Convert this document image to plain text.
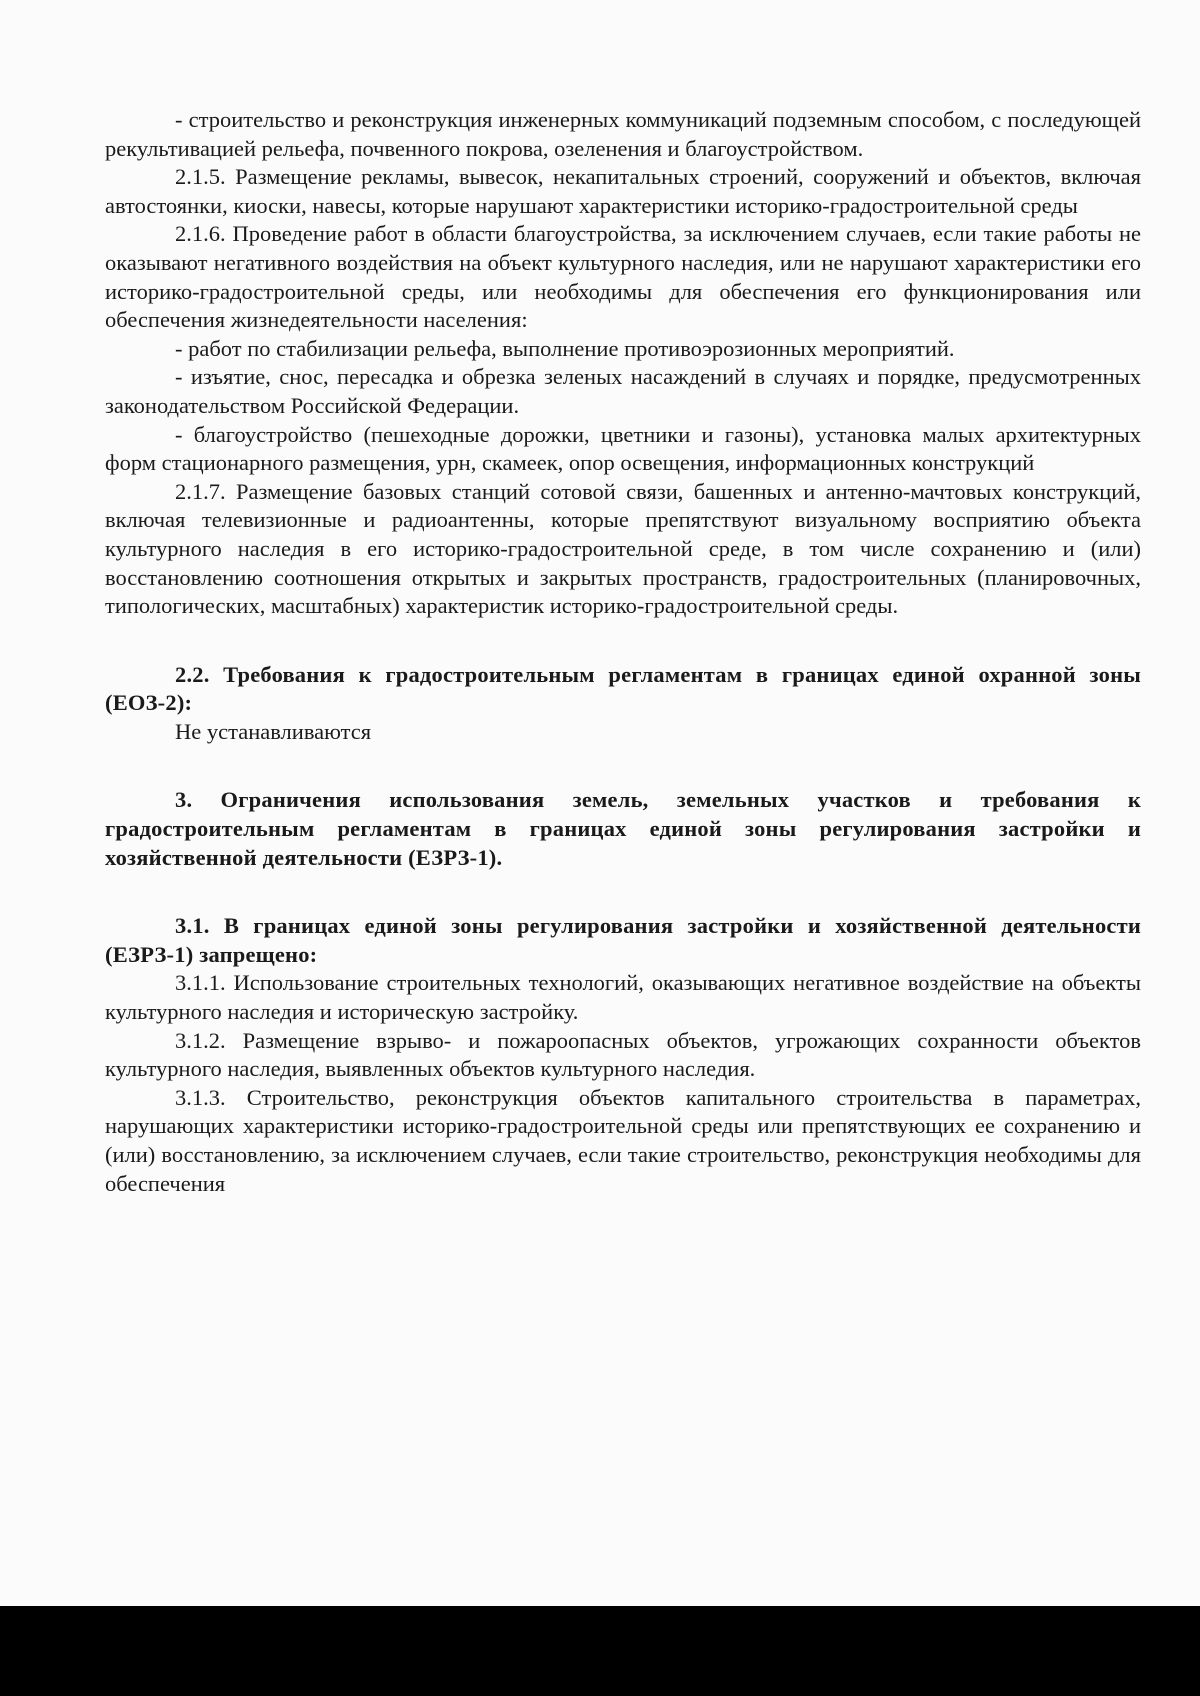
- строительство и реконструкция инженерных коммуникаций подземным способом, с последующей рекультивацией рельефа, почвенного покрова, озеленения и благоустройством.

2.1.5. Размещение рекламы, вывесок, некапитальных строений, сооружений и объектов, включая автостоянки, киоски, навесы, которые нарушают характеристики историко-градостроительной среды

2.1.6. Проведение работ в области благоустройства, за исключением случаев, если такие работы не оказывают негативного воздействия на объект культурного наследия, или не нарушают характеристики его историко-градостроительной среды, или необходимы для обеспечения его функционирования или обеспечения жизнедеятельности населения:

- работ по стабилизации рельефа, выполнение противоэрозионных мероприятий.

- изъятие, снос, пересадка и обрезка зеленых насаждений в случаях и порядке, предусмотренных законодательством Российской Федерации.

- благоустройство (пешеходные дорожки, цветники и газоны), установка малых архитектурных форм стационарного размещения, урн, скамеек, опор освещения, информационных конструкций

2.1.7. Размещение базовых станций сотовой связи, башенных и антенно-мачтовых конструкций, включая телевизионные и радиоантенны, которые препятствуют визуальному восприятию объекта культурного наследия в его историко-градостроительной среде, в том числе сохранению и (или) восстановлению соотношения открытых и закрытых пространств, градостроительных (планировочных, типологических, масштабных) характеристик историко-градостроительной среды.

2.2. Требования к градостроительным регламентам в границах единой охранной зоны (ЕОЗ-2):

Не устанавливаются

3. Ограничения использования земель, земельных участков и требования к градостроительным регламентам в границах единой зоны регулирования застройки и хозяйственной деятельности (ЕЗРЗ-1).

3.1. В границах единой зоны регулирования застройки и хозяйственной деятельности (ЕЗРЗ-1) запрещено:

3.1.1. Использование строительных технологий, оказывающих негативное воздействие на объекты культурного наследия и историческую застройку.

3.1.2. Размещение взрыво- и пожароопасных объектов, угрожающих сохранности объектов культурного наследия, выявленных объектов культурного наследия.

3.1.3. Строительство, реконструкция объектов капитального строительства в параметрах, нарушающих характеристики историко-градостроительной среды или препятствующих ее сохранению и (или) восстановлению, за исключением случаев, если такие строительство, реконструкция необходимы для обеспечения
